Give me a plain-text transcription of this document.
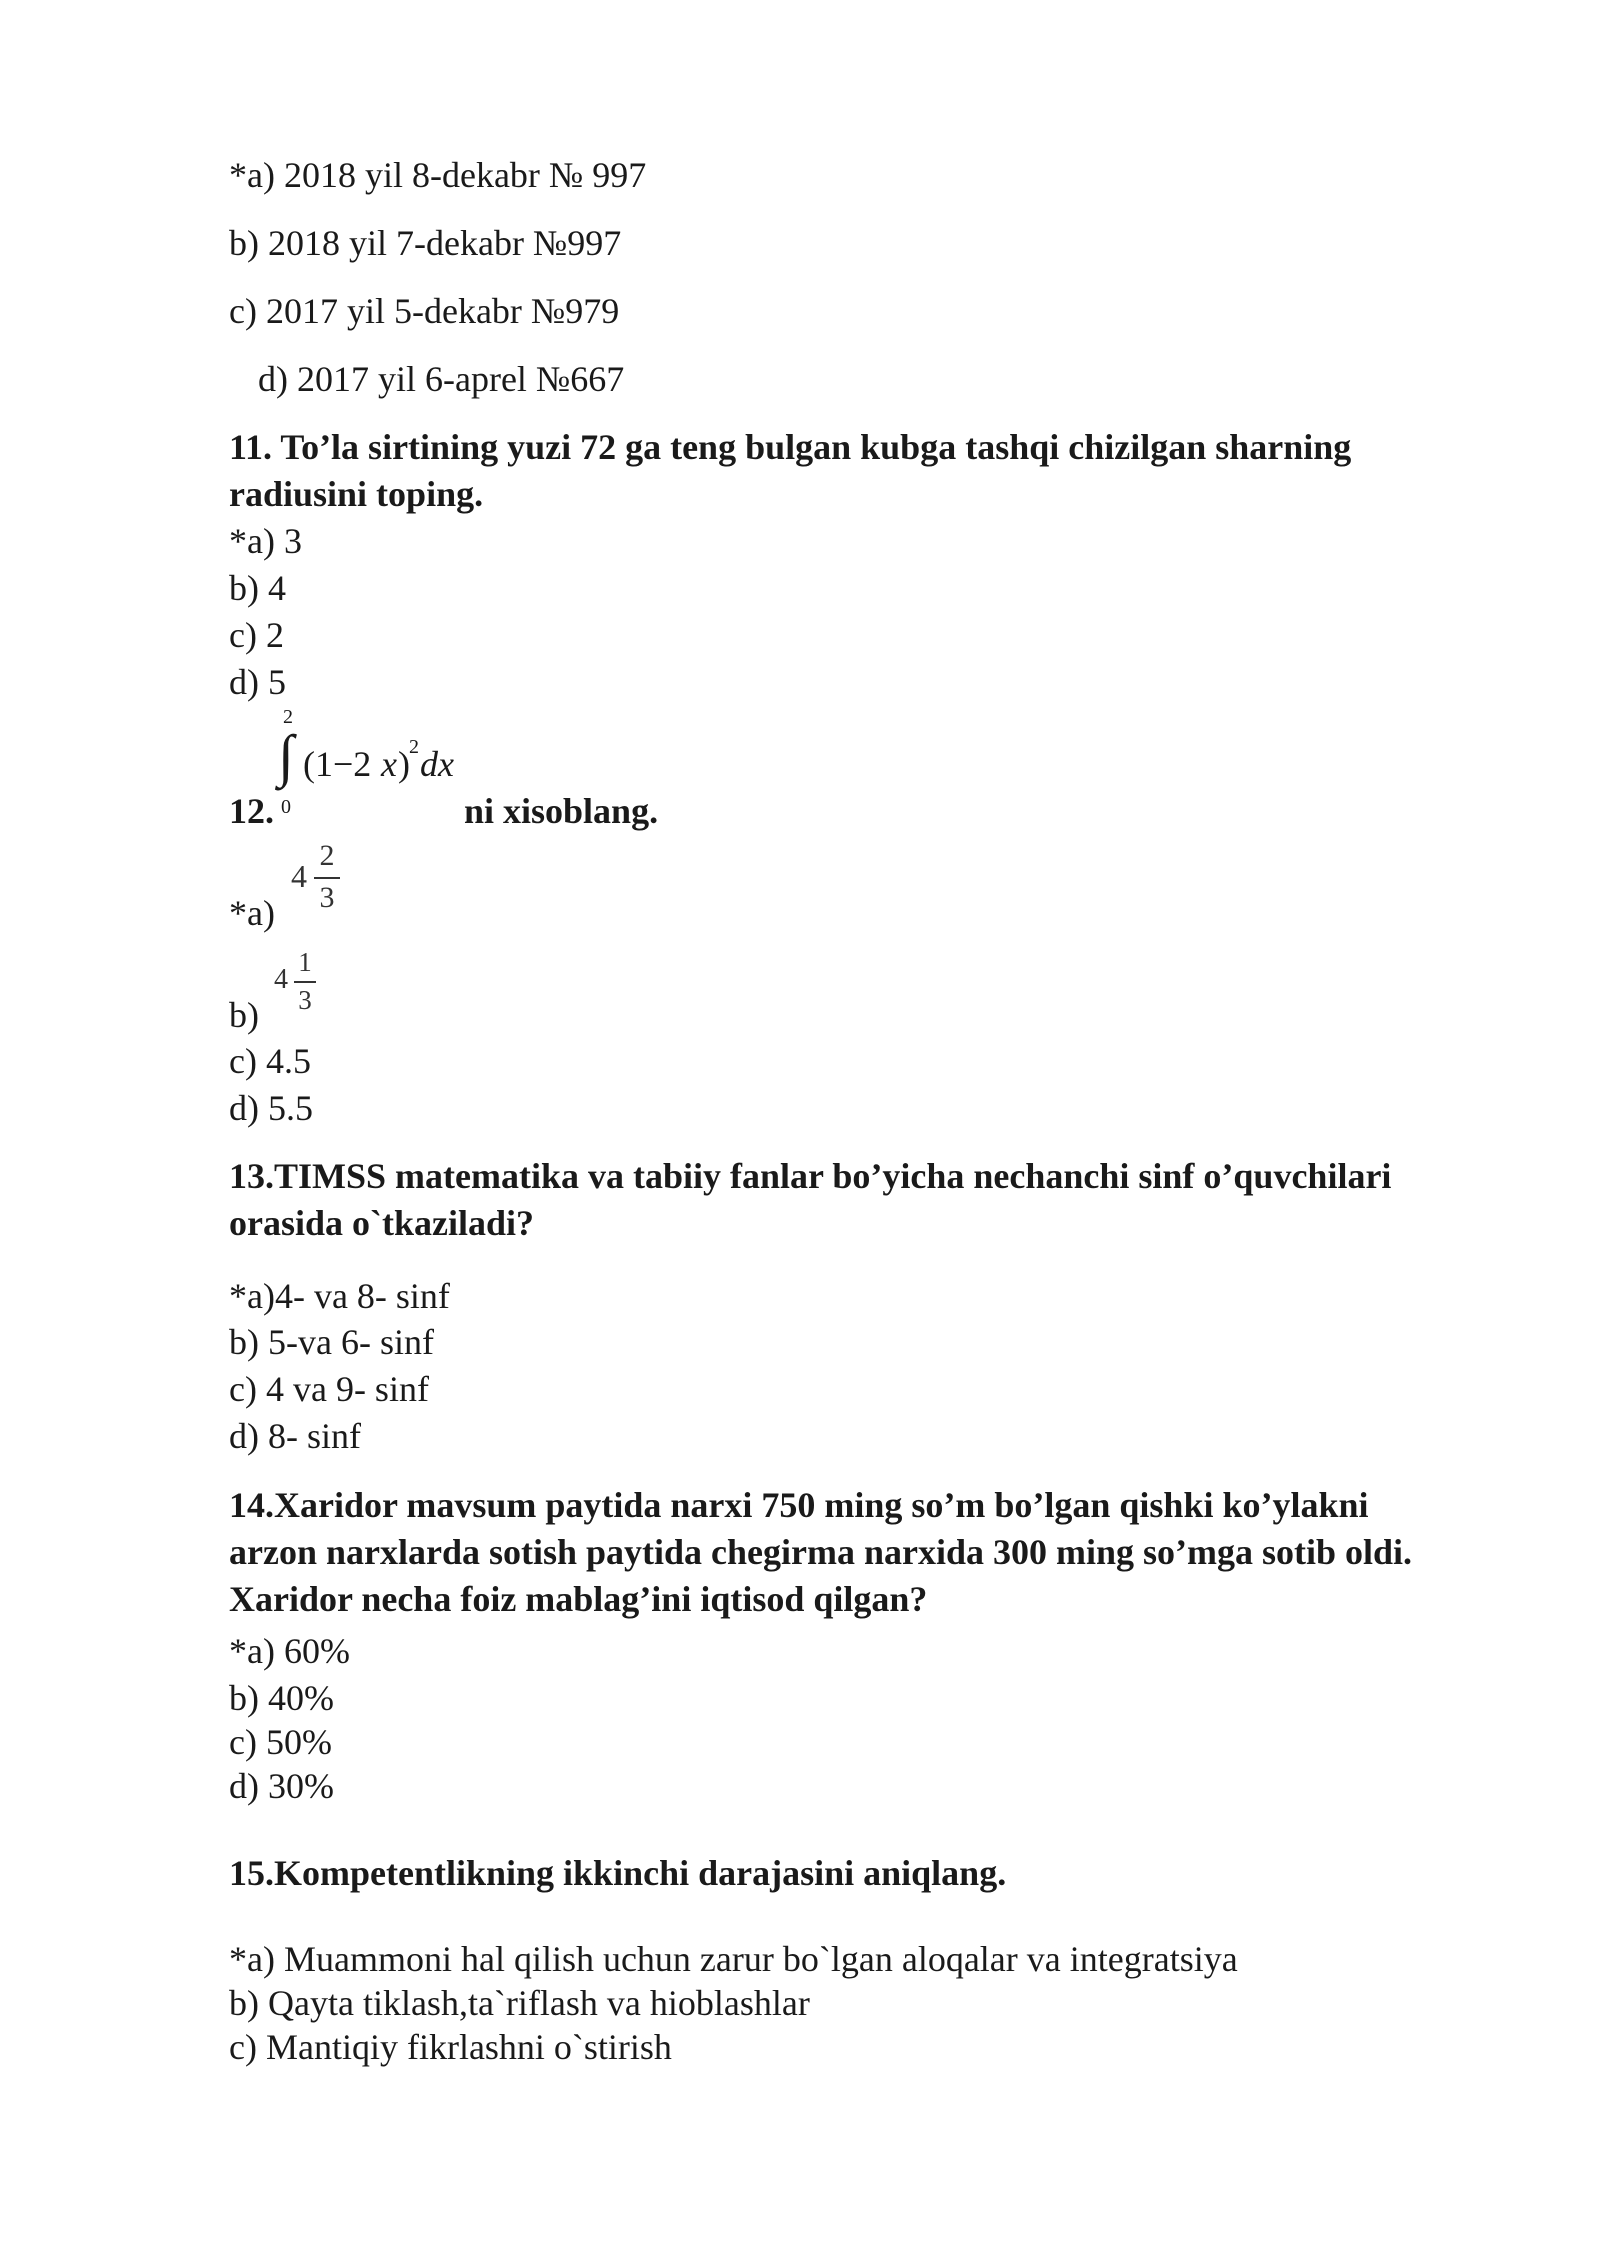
*a) 2018 yil 8-dekabr № 997
b) 2018 yil 7-dekabr №997
c) 2017 yil 5-dekabr №979
d) 2017 yil 6-aprel №667
11. To’la sirtining yuzi 72 ga teng bulgan kubga tashqi chizilgan sharning
radiusini toping.
*a) 3
b) 4
c) 2
d) 5
12.	ni xisoblang.
2
0
∫ (1−2 x ) 2 dx
*a)
4
2
3
b)
4
1
3
c) 4.5
d) 5.5
13.TIMSS matematika va tabiiy fanlar bo’yicha nechanchi sinf o’quvchilari
orasida o`tkaziladi?
*a)4- va 8- sinf
b) 5-va 6- sinf
c) 4 va 9- sinf
d) 8- sinf
14.Xaridor mavsum paytida narxi 750 ming so’m bo’lgan qishki ko’ylakni
arzon narxlarda sotish paytida chegirma narxida 300 ming so’mga sotib oldi.
Xaridor necha foiz mablag’ini iqtisod qilgan?
*a) 60%
b) 40%
c) 50%
d) 30%
15.Kompetentlikning ikkinchi darajasini aniqlang.
*a) Muammoni hal qilish uchun zarur bo`lgan aloqalar va integratsiya
b) Qayta tiklash,ta`riflash va hioblashlar
c) Mantiqiy fikrlashni o`stirish
